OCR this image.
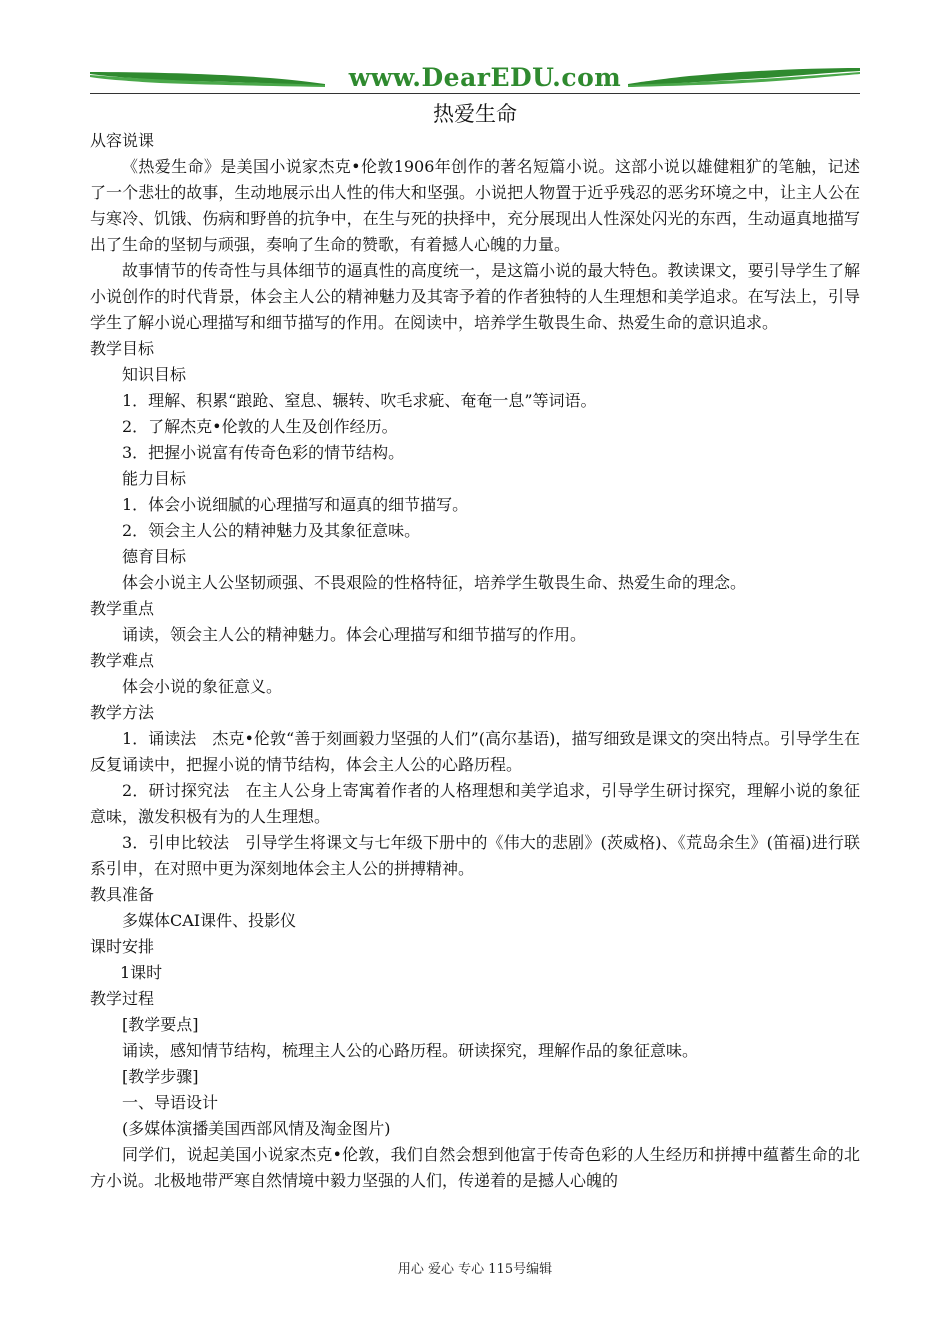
www.DearEDU.com
热爱生命

从容说课

《热爱生命》是美国小说家杰克•伦敦1906年创作的著名短篇小说。这部小说以雄健粗犷的笔触，记述了一个悲壮的故事，生动地展示出人性的伟大和坚强。小说把人物置于近乎残忍的恶劣环境之中，让主人公在与寒冷、饥饿、伤病和野兽的抗争中，在生与死的抉择中，充分展现出人性深处闪光的东西，生动逼真地描写出了生命的坚韧与顽强，奏响了生命的赞歌，有着撼人心魄的力量。

故事情节的传奇性与具体细节的逼真性的高度统一，是这篇小说的最大特色。教读课文，要引导学生了解小说创作的时代背景，体会主人公的精神魅力及其寄予着的作者独特的人生理想和美学追求。在写法上，引导学生了解小说心理描写和细节描写的作用。在阅读中，培养学生敬畏生命、热爱生命的意识追求。

教学目标

知识目标

1．理解、积累“踉跄、窒息、辗转、吹毛求疵、奄奄一息”等词语。

2．了解杰克•伦敦的人生及创作经历。

3．把握小说富有传奇色彩的情节结构。

能力目标

1．体会小说细腻的心理描写和逼真的细节描写。

2．领会主人公的精神魅力及其象征意味。

德育目标

体会小说主人公坚韧顽强、不畏艰险的性格特征，培养学生敬畏生命、热爱生命的理念。

教学重点

诵读，领会主人公的精神魅力。体会心理描写和细节描写的作用。

教学难点

体会小说的象征意义。

教学方法

1．诵读法　杰克•伦敦“善于刻画毅力坚强的人们”(高尔基语)，描写细致是课文的突出特点。引导学生在反复诵读中，把握小说的情节结构，体会主人公的心路历程。

2．研讨探究法　在主人公身上寄寓着作者的人格理想和美学追求，引导学生研讨探究，理解小说的象征意味，激发积极有为的人生理想。

3．引申比较法　引导学生将课文与七年级下册中的《伟大的悲剧》(茨威格)、《荒岛余生》(笛福)进行联系引申，在对照中更为深刻地体会主人公的拼搏精神。

教具准备

多媒体CAI课件、投影仪

课时安排

1课时

教学过程

[教学要点]

诵读，感知情节结构，梳理主人公的心路历程。研读探究，理解作品的象征意味。

[教学步骤]

一、导语设计

(多媒体演播美国西部风情及淘金图片)

同学们，说起美国小说家杰克•伦敦，我们自然会想到他富于传奇色彩的人生经历和拼搏中蕴蓄生命的北方小说。北极地带严寒自然情境中毅力坚强的人们，传递着的是撼人心魄的

用心 爱心 专心 115号编辑
